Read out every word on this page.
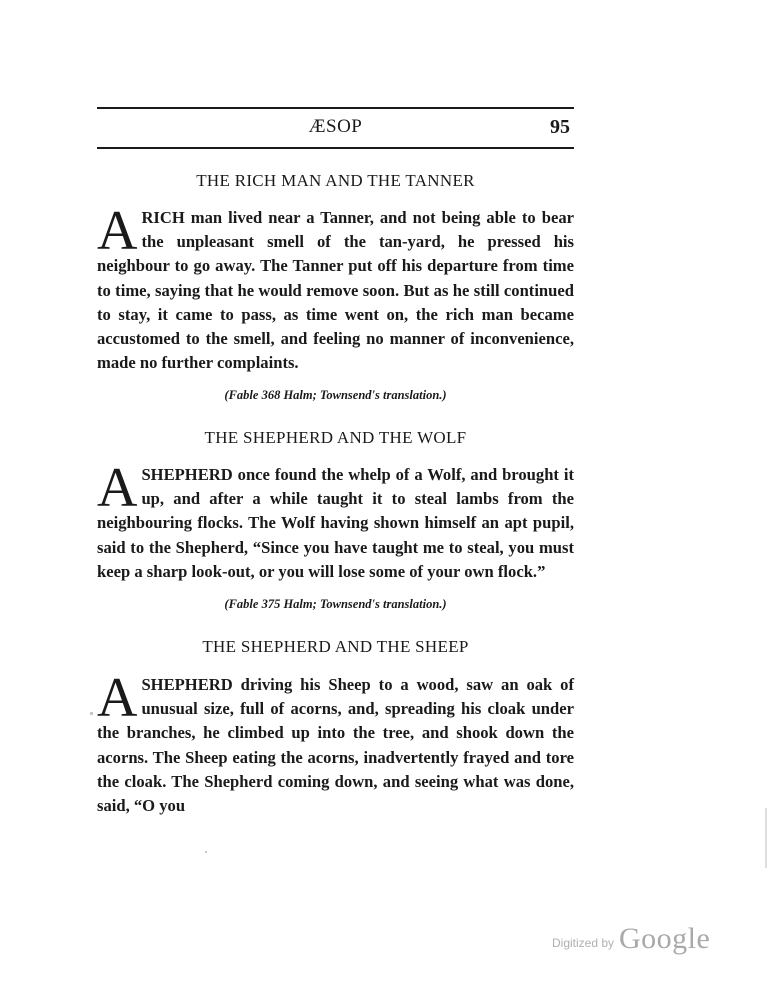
ÆSOP	95
THE RICH MAN AND THE TANNER

ARICH man lived near a Tanner, and not being able to bear the unpleasant smell of the tan-yard, he pressed his neighbour to go away. The Tanner put off his departure from time to time, saying that he would remove soon. But as he still continued to stay, it came to pass, as time went on, the rich man became accustomed to the smell, and feeling no manner of inconvenience, made no further complaints.

(Fable 368 Halm; Townsend's translation.)
THE SHEPHERD AND THE WOLF

ASHEPHERD once found the whelp of a Wolf, and brought it up, and after a while taught it to steal lambs from the neighbouring flocks. The Wolf having shown himself an apt pupil, said to the Shepherd, “Since you have taught me to steal, you must keep a sharp look-out, or you will lose some of your own flock.”

(Fable 375 Halm; Townsend's translation.)
THE SHEPHERD AND THE SHEEP

ASHEPHERD driving his Sheep to a wood, saw an oak of unusual size, full of acorns, and, spreading his cloak under the branches, he climbed up into the tree, and shook down the acorns. The Sheep eating the acorns, inadvertently frayed and tore the cloak. The Shepherd coming down, and seeing what was done, said, “O you

Digitized by Google
